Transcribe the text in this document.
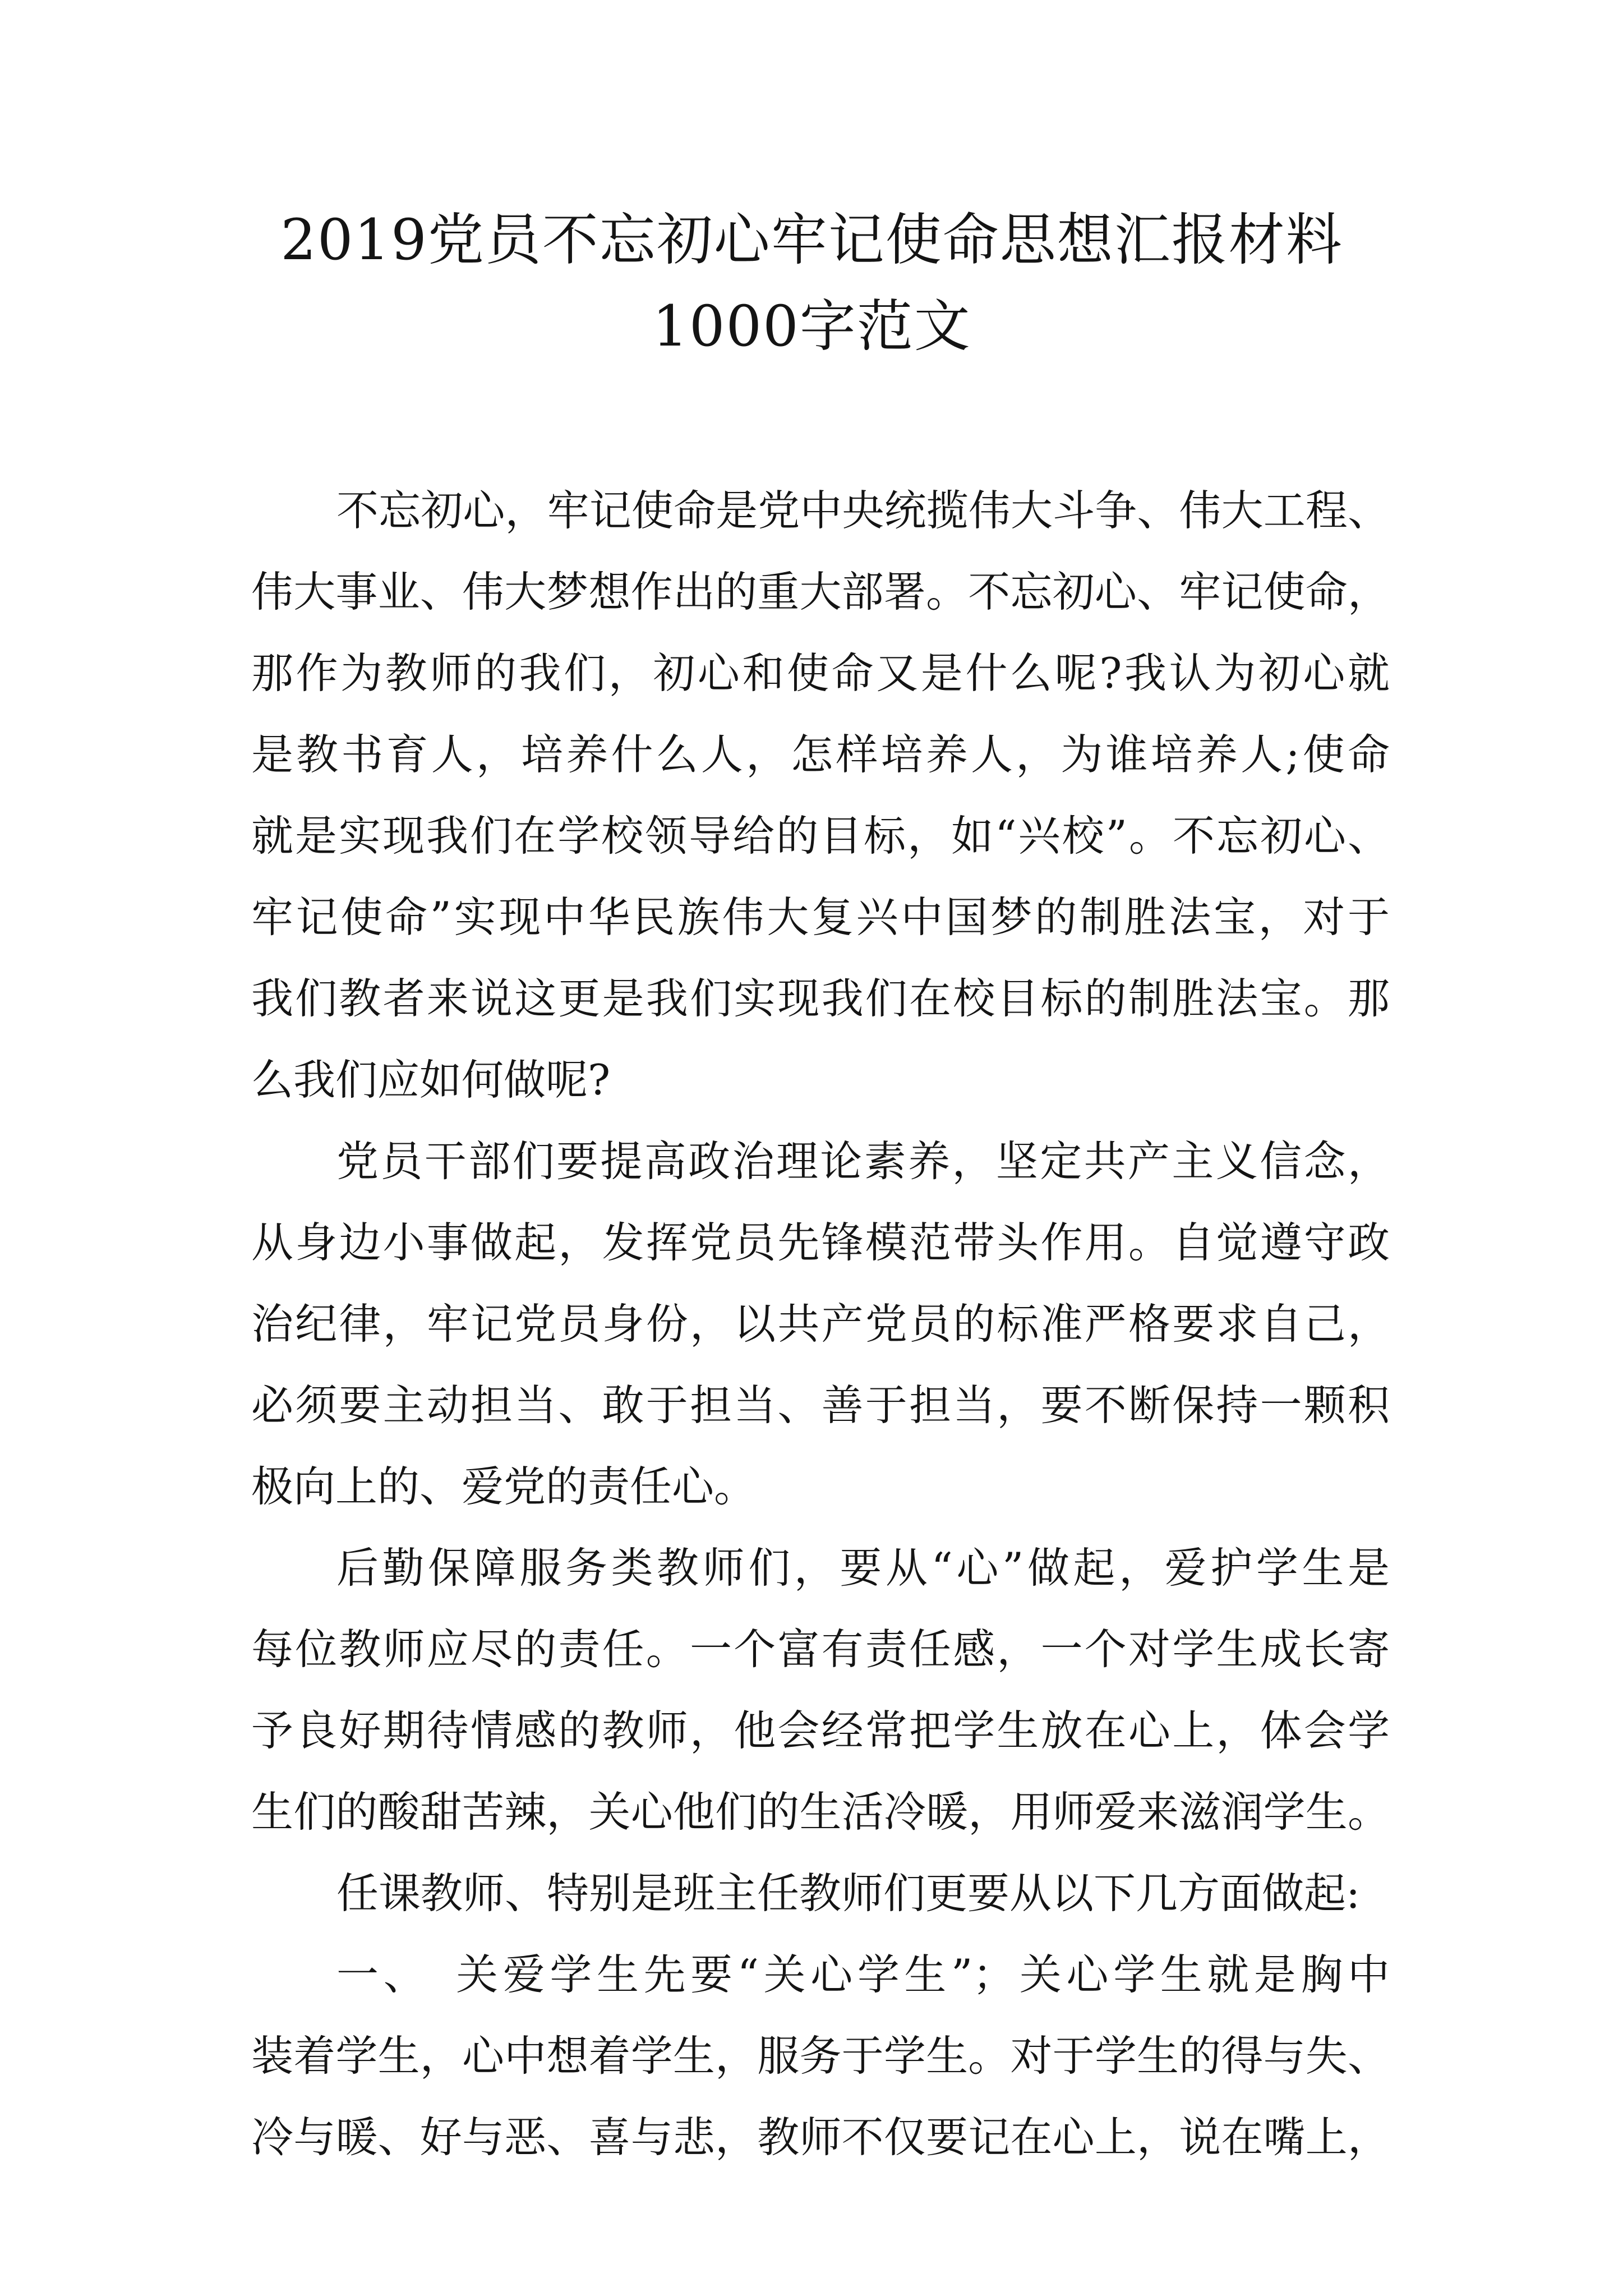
2019党员不忘初心牢记使命思想汇报材料
1000字范文

不忘初心，牢记使命是党中央统揽伟大斗争、伟大工程、

伟大事业、伟大梦想作出的重大部署。不忘初心、牢记使命，

那作为教师的我们，初心和使命又是什么呢?我认为初心就

是教书育人，培养什么人，怎样培养人，为谁培养人;使命

就是实现我们在学校领导给的目标，如“兴校”。不忘初心、

牢记使命”实现中华民族伟大复兴中国梦的制胜法宝，对于

我们教者来说这更是我们实现我们在校目标的制胜法宝。那

么我们应如何做呢?

党员干部们要提高政治理论素养，坚定共产主义信念，

从身边小事做起，发挥党员先锋模范带头作用。自觉遵守政

治纪律，牢记党员身份，以共产党员的标准严格要求自己，

必须要主动担当、敢于担当、善于担当，要不断保持一颗积

极向上的、爱党的责任心。

后勤保障服务类教师们，要从“心”做起，爱护学生是

每位教师应尽的责任。一个富有责任感，一个对学生成长寄

予良好期待情感的教师，他会经常把学生放在心上，体会学

生们的酸甜苦辣，关心他们的生活冷暖，用师爱来滋润学生。

任课教师、特别是班主任教师们更要从以下几方面做起:

一、　关爱学生先要“关心学生”；关心学生就是胸中

装着学生，心中想着学生，服务于学生。对于学生的得与失、

冷与暖、好与恶、喜与悲，教师不仅要记在心上，说在嘴上，
